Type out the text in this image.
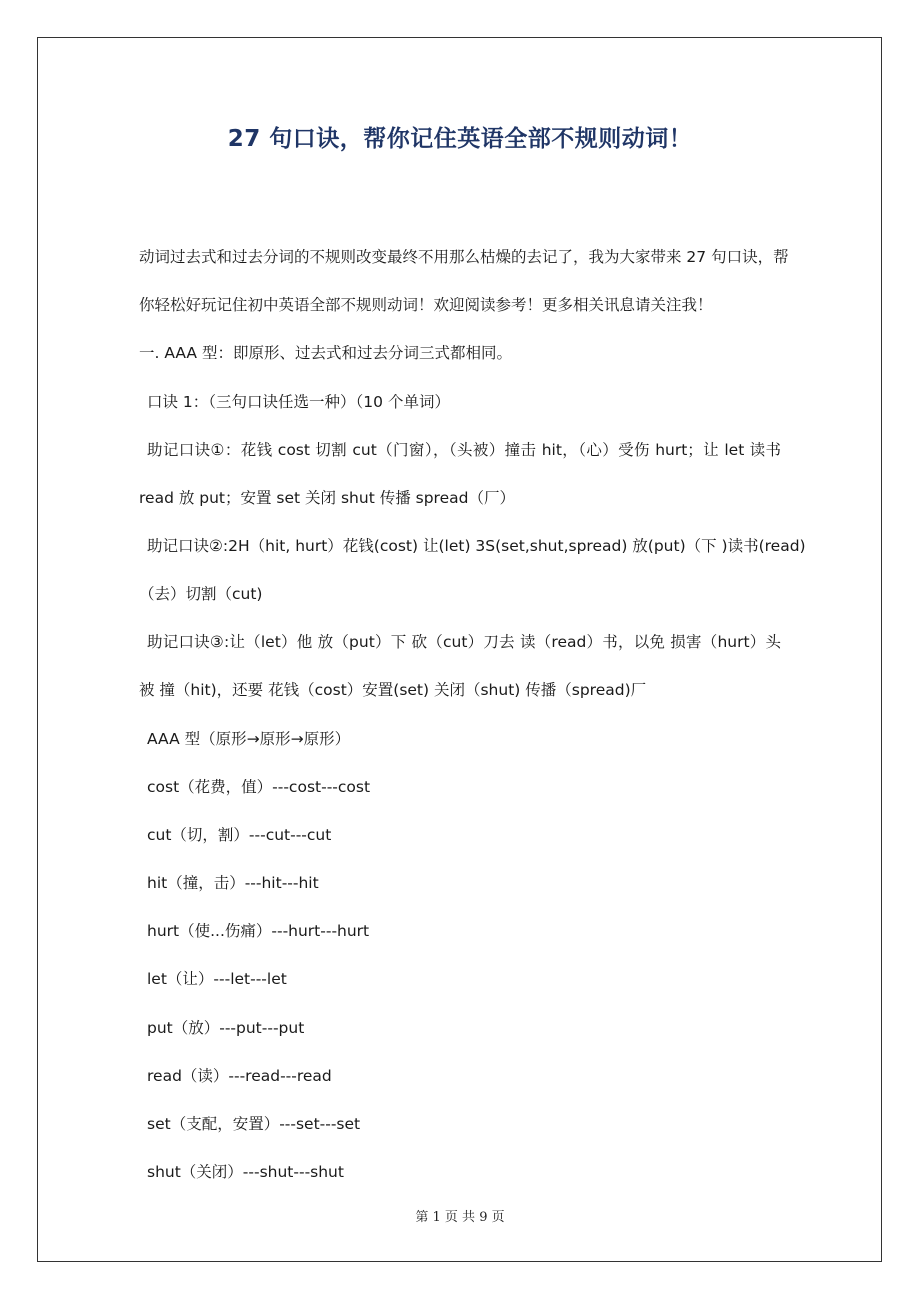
27 句口诀，帮你记住英语全部不规则动词！
动词过去式和过去分词的不规则改变最终不用那么枯燥的去记了，我为大家带来 27 句口诀，帮
你轻松好玩记住初中英语全部不规则动词！欢迎阅读参考！更多相关讯息请关注我！
一. AAA 型：即原形、过去式和过去分词三式都相同。
口诀 1：（三句口诀任选一种）（10 个单词）
助记口诀①：花钱 cost 切割 cut（门窗），（头被）撞击 hit，（心）受伤 hurt；让 let 读书
read 放 put；安置 set 关闭 shut 传播 spread（厂）
助记口诀②:2H（hit, hurt）花钱(cost) 让(let) 3S(set,shut,spread) 放(put)（下 )读书(read)
（去）切割（cut)
助记口诀③:让（let）他 放（put）下 砍（cut）刀去 读（read）书，以免 损害（hurt）头
被 撞（hit)，还要 花钱（cost）安置(set) 关闭（shut) 传播（spread)厂
AAA 型（原形→原形→原形）
cost（花费，值）---cost---cost
cut（切，割）---cut---cut
hit（撞，击）---hit---hit
hurt（使...伤痛）---hurt---hurt
let（让）---let---let
put（放）---put---put
read（读）---read---read
set（支配，安置）---set---set
shut（关闭）---shut---shut
第 1 页 共 9 页
